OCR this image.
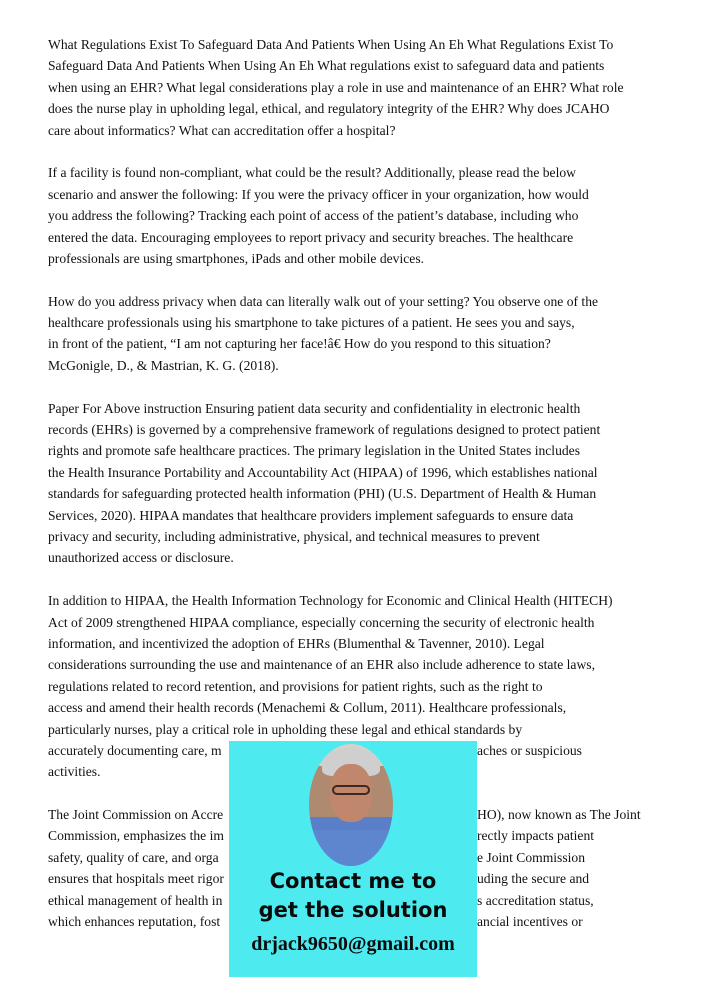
What Regulations Exist To Safeguard Data And Patients When Using An Eh What Regulations Exist To
Safeguard Data And Patients When Using An Eh What regulations exist to safeguard data and patients
when using an EHR? What legal considerations play a role in use and maintenance of an EHR? What role
does the nurse play in upholding legal, ethical, and regulatory integrity of the EHR? Why does JCAHO
care about informatics? What can accreditation offer a hospital?
If a facility is found non-compliant, what could be the result? Additionally, please read the below
scenario and answer the following: If you were the privacy officer in your organization, how would
you address the following? Tracking each point of access of the patient’s database, including who
entered the data. Encouraging employees to report privacy and security breaches. The healthcare
professionals are using smartphones, iPads and other mobile devices.
How do you address privacy when data can literally walk out of your setting? You observe one of the
healthcare professionals using his smartphone to take pictures of a patient. He sees you and says,
in front of the patient, “I am not capturing her face!â€ How do you respond to this situation?
McGonigle, D., & Mastrian, K. G. (2018).
Paper For Above instruction Ensuring patient data security and confidentiality in electronic health
records (EHRs) is governed by a comprehensive framework of regulations designed to protect patient
rights and promote safe healthcare practices. The primary legislation in the United States includes
the Health Insurance Portability and Accountability Act (HIPAA) of 1996, which establishes national
standards for safeguarding protected health information (PHI) (U.S. Department of Health & Human
Services, 2020). HIPAA mandates that healthcare providers implement safeguards to ensure data
privacy and security, including administrative, physical, and technical measures to prevent
unauthorized access or disclosure.
In addition to HIPAA, the Health Information Technology for Economic and Clinical Health (HITECH)
Act of 2009 strengthened HIPAA compliance, especially concerning the security of electronic health
information, and incentivized the adoption of EHRs (Blumenthal & Tavenner, 2010). Legal
considerations surrounding the use and maintenance of an EHR also include adherence to state laws,
regulations related to record retention, and provisions for patient rights, such as the right to
access and amend their health records (Menachemi & Collum, 2011). Healthcare professionals,
particularly nurses, play a critical role in upholding these legal and ethical standards by
accurately documenting care, m	aches or suspicious
activities.
The Joint Commission on Accre	HO), now known as The Joint
Commission, emphasizes the im	rectly impacts patient
safety, quality of care, and orga	e Joint Commission
ensures that hospitals meet rigor	uding the secure and
ethical management of health in	s accreditation status,
which enhances reputation, fost	ancial incentives or
Contact me to
get the solution
drjack9650@gmail.com
